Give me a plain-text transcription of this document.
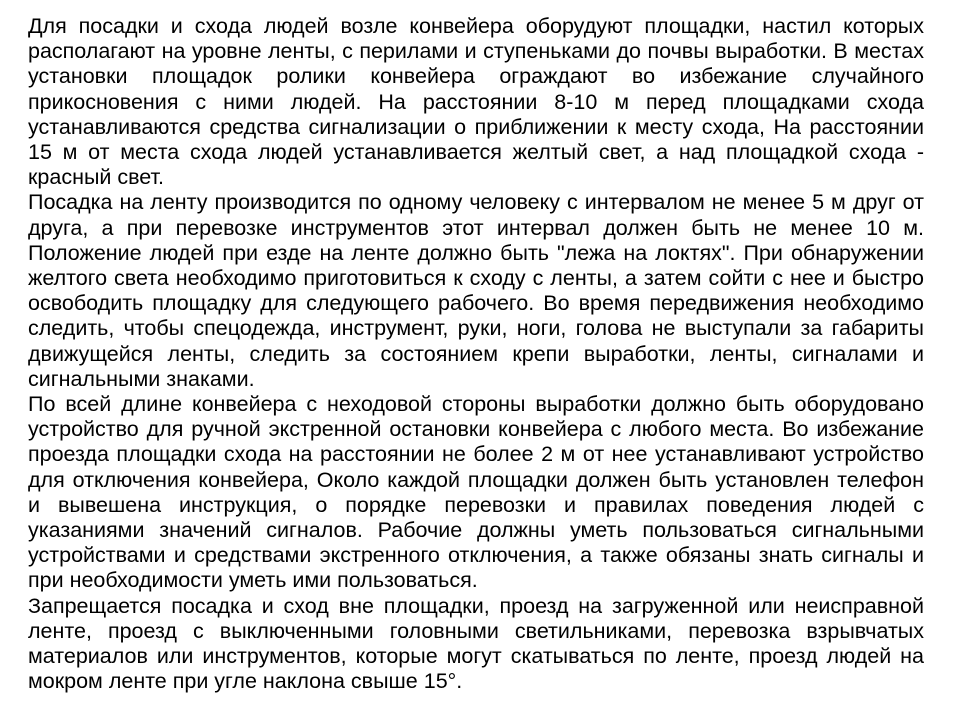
Для посадки и схода людей возле конвейера оборудуют площадки, настил которых располагают на уровне ленты, с перилами и ступеньками до почвы выработки. В местах установки площадок ролики конвейера ограждают во избежание случайного прикосновения с ними людей. На расстоянии 8-10 м перед площадками схода устанавливаются средства сигнализации о приближении к месту схода, На расстоянии 15 м от места схода людей устанавливается желтый свет, а над площадкой схода - красный свет.

Посадка на ленту производится по одному человеку с интервалом не менее 5 м друг от друга, а при перевозке инструментов этот интервал должен быть не менее 10 м. Положение людей при езде на ленте должно быть "лежа на локтях". При обнаружении желтого света необходимо приготовиться к сходу с ленты, а затем сойти с нее и быстро освободить площадку для следующего рабочего. Во время передвижения необходимо следить, чтобы спецодежда, инструмент, руки, ноги, голова не выступали за габариты движущейся ленты, следить за состоянием крепи выработки, ленты, сигналами и сигнальными знаками.

По всей длине конвейера с неходовой стороны выработки должно быть оборудовано устройство для ручной экстренной остановки конвейера с любого места. Во избежание проезда площадки схода на расстоянии не более 2 м от нее устанавливают устройство для отключения конвейера, Около каждой площадки должен быть установлен телефон и вывешена инструкция, о порядке перевозки и правилах поведения людей с указаниями значений сигналов. Рабочие должны уметь пользоваться сигнальными устройствами и средствами экстренного отключения, а также обязаны знать сигналы и при необходимости уметь ими пользоваться.

Запрещается посадка и сход вне площадки, проезд на загруженной или неисправной ленте, проезд с выключенными головными светильниками, перевозка взрывчатых материалов или инструментов, которые могут скатываться по ленте, проезд людей на мокром ленте при угле наклона свыше 15°.
